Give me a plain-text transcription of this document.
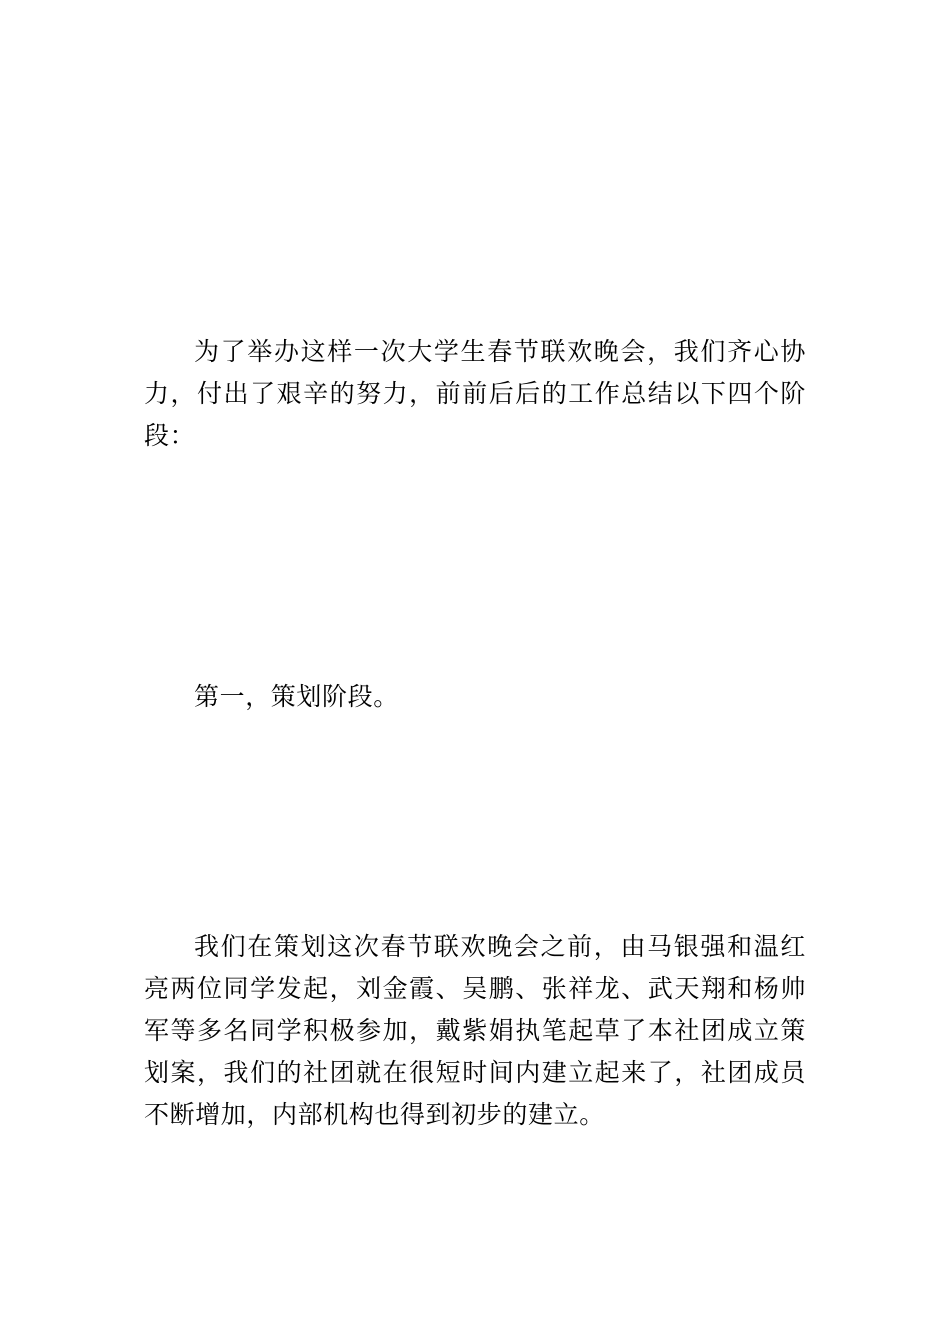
为了举办这样一次大学生春节联欢晚会，我们齐心协力，付出了艰辛的努力，前前后后的工作总结以下四个阶段：

第一，策划阶段。

我们在策划这次春节联欢晚会之前，由马银强和温红亮两位同学发起，刘金霞、吴鹏、张祥龙、武天翔和杨帅军等多名同学积极参加，戴紫娟执笔起草了本社团成立策划案，我们的社团就在很短时间内建立起来了，社团成员不断增加，内部机构也得到初步的建立。
